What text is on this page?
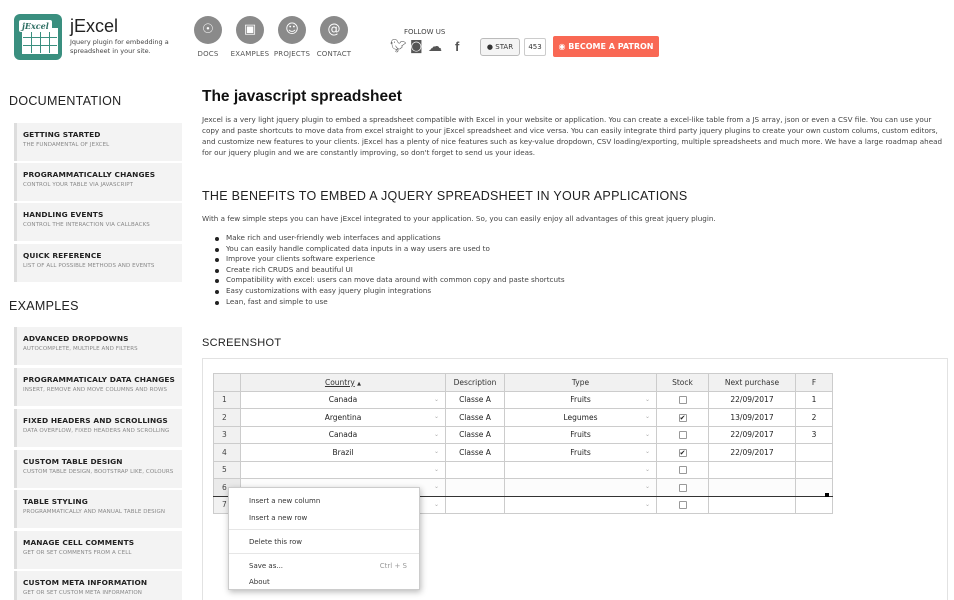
jExcel jExcel
Jquery plugin for embedding a spreadsheet in your site.
☉
DOCS
▣
EXAMPLES
☺
PROJECTS
@
CONTACT
FOLLOW US
🐦︎ ◙ ☁ f	● STAR	453	◉ BECOME A PATRON
DOCUMENTATION
GETTING STARTED
THE FUNDAMENTAL OF JEXCEL
PROGRAMMATICALLY CHANGES
CONTROL YOUR TABLE VIA JAVASCRIPT
HANDLING EVENTS
CONTROL THE INTERACTION VIA CALLBACKS
QUICK REFERENCE
LIST OF ALL POSSIBLE METHODS AND EVENTS
EXAMPLES
ADVANCED DROPDOWNS
AUTOCOMPLETE, MULTIPLE AND FILTERS
PROGRAMMATICALY DATA CHANGES
INSERT, REMOVE AND MOVE COLUMNS AND ROWS
FIXED HEADERS AND SCROLLINGS
DATA OVERFLOW, FIXED HEADERS AND SCROLLING
CUSTOM TABLE DESIGN
CUSTOM TABLE DESIGN, BOOTSTRAP LIKE, COLOURS
TABLE STYLING
PROGRAMMATICALLY AND MANUAL TABLE DESIGN
MANAGE CELL COMMENTS
GET OR SET COMMENTS FROM A CELL
CUSTOM META INFORMATION
GET OR SET CUSTOM META INFORMATION
The javascript spreadsheet
Jexcel is a very light jquery plugin to embed a spreadsheet compatible with Excel in your website or application. You can create a excel-like table from a JS array, json or even a CSV file. You can use your copy and paste shortcuts to move data from excel straight to your jExcel spreadsheet and vice versa. You can easily integrate third party jquery plugins to create your own custom colums, custom editors, and customize new features to your clients. jExcel has a plenty of nice features such as key-value dropdown, CSV loading/exporting, multiple spreadsheets and much more. We have a large roadmap ahead for our jquery plugin and we are constantly improving, so don't forget to send us your ideas.
THE BENEFITS TO EMBED A JQUERY SPREADSHEET IN YOUR APPLICATIONS
With a few simple steps you can have jExcel integrated to your application. So, you can easily enjoy all advantages of this great jquery plugin.
Make rich and user-friendly web interfaces and applications
You can easily handle complicated data inputs in a way users are used to
Improve your clients software experience
Create rich CRUDS and beautiful UI
Compatibility with excel: users can move data around with common copy and paste shortcuts
Easy customizations with easy jquery plugin integrations
Lean, fast and simple to use
SCREENSHOT
	Country ▲	Description	Type	Stock	Next purchase	F
1	Canada ⌄	Classe A	Fruits ⌄		22/09/2017	1
2	Argentina ⌄	Classe A	Legumes ⌄	✔	13/09/2017	2
3	Canada ⌄	Classe A	Fruits ⌄		22/09/2017	3
4	Brazil ⌄	Classe A	Fruits ⌄	✔	22/09/2017	
5	⌄		⌄			

6	⌄		⌄			

7	⌄		⌄			

Insert a new column
Insert a new row
Delete this row
Save as...	Ctrl + S
About
